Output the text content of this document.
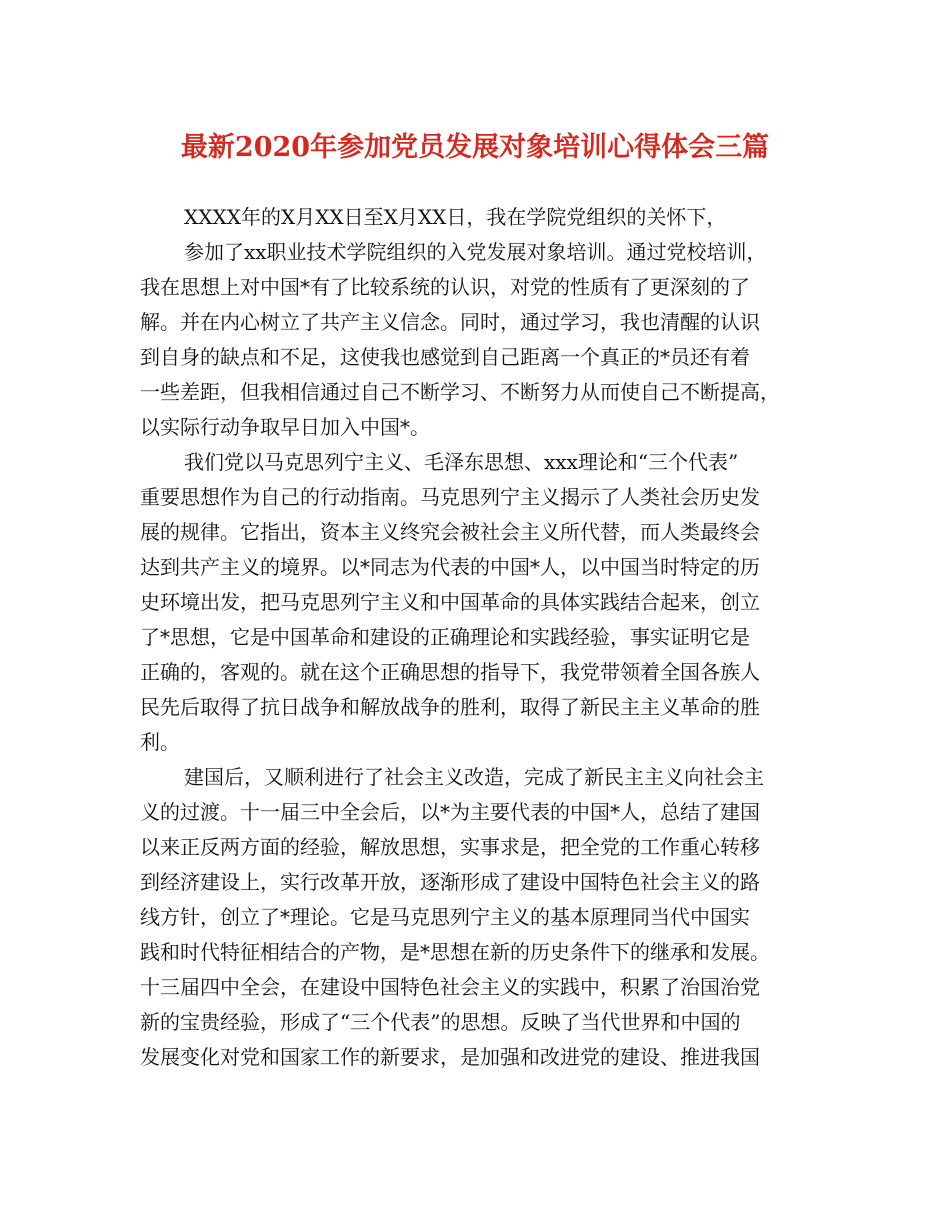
最新2020年参加党员发展对象培训心得体会三篇
XXXX年的X月XX日至X月XX日，我在学院党组织的关怀下，
参加了xx职业技术学院组织的入党发展对象培训。通过党校培训，
我在思想上对中国*有了比较系统的认识，对党的性质有了更深刻的了
解。并在内心树立了共产主义信念。同时，通过学习，我也清醒的认识
到自身的缺点和不足，这使我也感觉到自己距离一个真正的*员还有着
一些差距，但我相信通过自己不断学习、不断努力从而使自己不断提高，
以实际行动争取早日加入中国*。
我们党以马克思列宁主义、毛泽东思想、xxx理论和“三个代表”
重要思想作为自己的行动指南。马克思列宁主义揭示了人类社会历史发
展的规律。它指出，资本主义终究会被社会主义所代替，而人类最终会
达到共产主义的境界。以*同志为代表的中国*人，以中国当时特定的历
史环境出发，把马克思列宁主义和中国革命的具体实践结合起来，创立
了*思想，它是中国革命和建设的正确理论和实践经验，事实证明它是
正确的，客观的。就在这个正确思想的指导下，我党带领着全国各族人
民先后取得了抗日战争和解放战争的胜利，取得了新民主主义革命的胜
利。
建国后，又顺利进行了社会主义改造，完成了新民主主义向社会主
义的过渡。十一届三中全会后，以*为主要代表的中国*人，总结了建国
以来正反两方面的经验，解放思想，实事求是，把全党的工作重心转移
到经济建设上，实行改革开放，逐渐形成了建设中国特色社会主义的路
线方针，创立了*理论。它是马克思列宁主义的基本原理同当代中国实
践和时代特征相结合的产物，是*思想在新的历史条件下的继承和发展。
十三届四中全会，在建设中国特色社会主义的实践中，积累了治国治党
新的宝贵经验，形成了“三个代表”的思想。反映了当代世界和中国的
发展变化对党和国家工作的新要求，是加强和改进党的建设、推进我国
